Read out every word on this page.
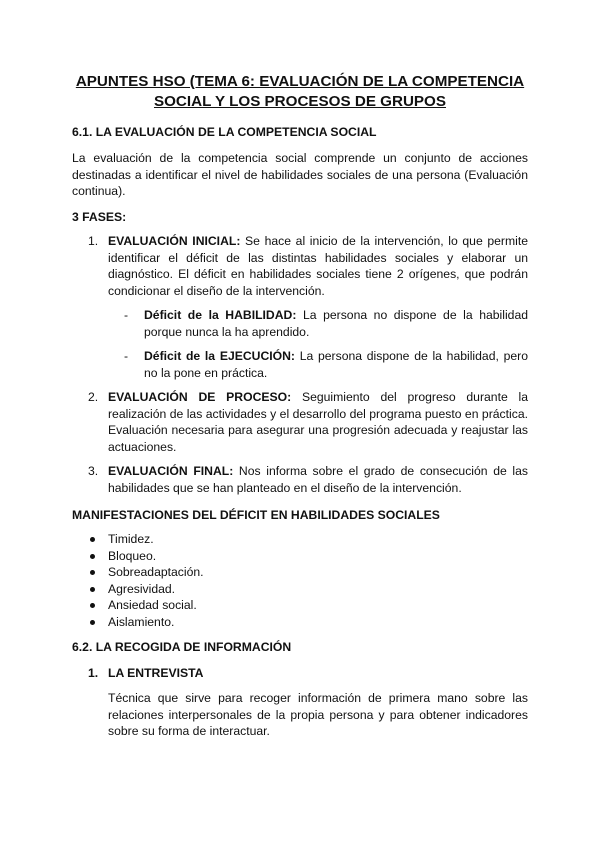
APUNTES HSO (TEMA 6: EVALUACIÓN DE LA COMPETENCIA SOCIAL Y LOS PROCESOS DE GRUPOS

6.1. LA EVALUACIÓN DE LA COMPETENCIA SOCIAL

La evaluación de la competencia social comprende un conjunto de acciones destinadas a identificar el nivel de habilidades sociales de una persona (Evaluación continua).

3 FASES:

1. EVALUACIÓN INICIAL: Se hace al inicio de la intervención, lo que permite identificar el déficit de las distintas habilidades sociales y elaborar un diagnóstico. El déficit en habilidades sociales tiene 2 orígenes, que podrán condicionar el diseño de la intervención.
- Déficit de la HABILIDAD: La persona no dispone de la habilidad porque nunca la ha aprendido.
- Déficit de la EJECUCIÓN: La persona dispone de la habilidad, pero no la pone en práctica.
2. EVALUACIÓN DE PROCESO: Seguimiento del progreso durante la realización de las actividades y el desarrollo del programa puesto en práctica. Evaluación necesaria para asegurar una progresión adecuada y reajustar las actuaciones.
3. EVALUACIÓN FINAL: Nos informa sobre el grado de consecución de las habilidades que se han planteado en el diseño de la intervención.

MANIFESTACIONES DEL DÉFICIT EN HABILIDADES SOCIALES

Timidez.
Bloqueo.
Sobreadaptación.
Agresividad.
Ansiedad social.
Aislamiento.

6.2. LA RECOGIDA DE INFORMACIÓN

1. LA ENTREVISTA

Técnica que sirve para recoger información de primera mano sobre las relaciones interpersonales de la propia persona y para obtener indicadores sobre su forma de interactuar.
